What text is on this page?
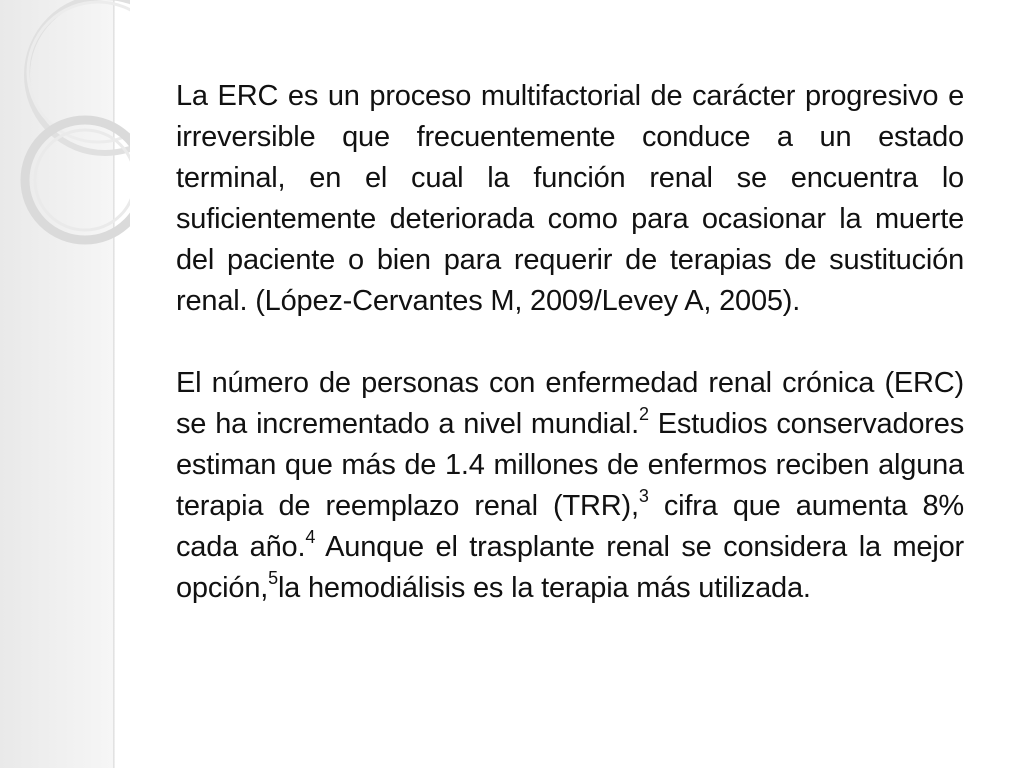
La ERC es un proceso multifactorial de carácter progresivo e irreversible que frecuentemente conduce a un estado terminal, en el cual la función renal se encuentra lo suficientemente deteriorada como para ocasionar la muerte del paciente o bien para requerir de terapias de sustitución renal. (López-Cervantes M, 2009/Levey A, 2005).

El número de personas con enfermedad renal crónica (ERC) se ha incrementado a nivel mundial.$^2$ Estudios conservadores estiman que más de 1.4 millones de enfermos reciben alguna terapia de reemplazo renal (TRR),$^3$ cifra que aumenta 8% cada año.$^4$ Aunque el trasplante renal se considera la mejor opción,$^5$la hemodiálisis es la terapia más utilizada.
